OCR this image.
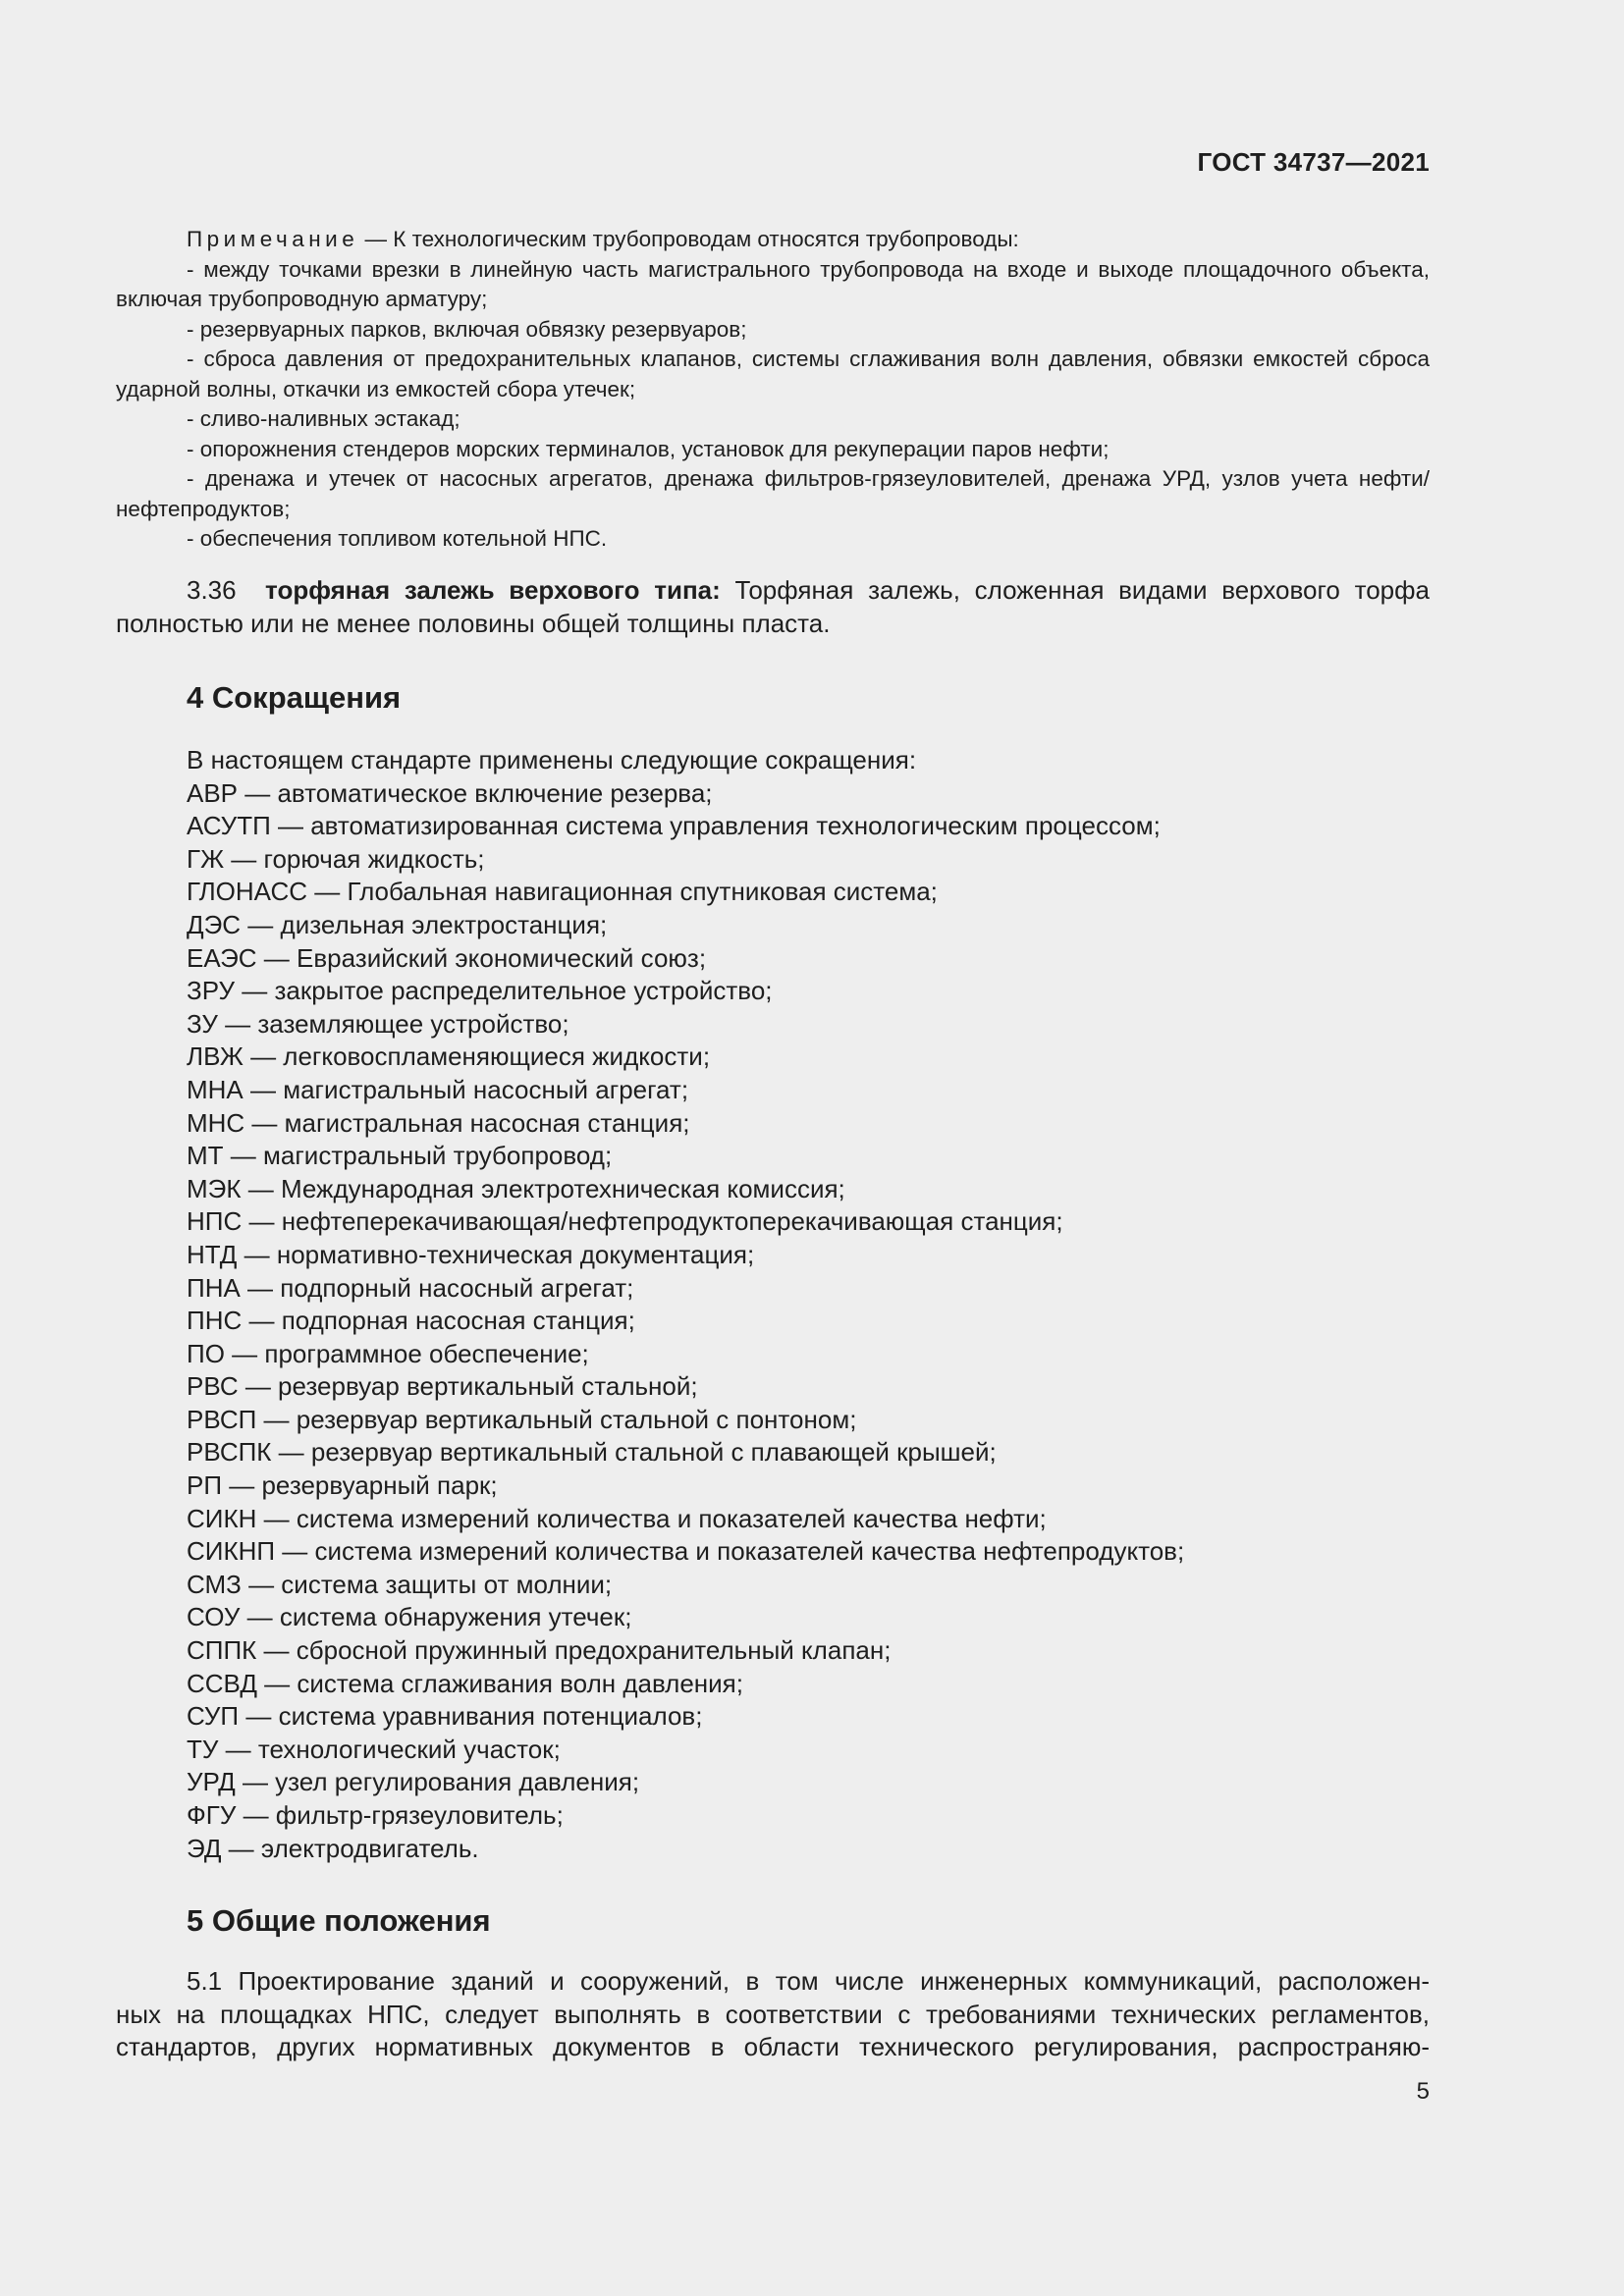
ГОСТ 34737—2021

Примечание — К технологическим трубопроводам относятся трубопроводы:

- между точками врезки в линейную часть магистрального трубопровода на входе и выходе площадочного объекта, включая трубопроводную арматуру;

- резервуарных парков, включая обвязку резервуаров;

- сброса давления от предохранительных клапанов, системы сглаживания волн давления, обвязки емкостей сброса ударной волны, откачки из емкостей сбора утечек;

- сливо-наливных эстакад;

- опорожнения стендеров морских терминалов, установок для рекуперации паров нефти;

- дренажа и утечек от насосных агрегатов, дренажа фильтров-грязеуловителей, дренажа УРД, узлов учета нефти/нефтепродуктов;

- обеспечения топливом котельной НПС.

3.36 торфяная залежь верхового типа: Торфяная залежь, сложенная видами верхового торфа полностью или не менее половины общей толщины пласта.

4 Сокращения
В настоящем стандарте применены следующие сокращения:
АВР — автоматическое включение резерва;
АСУТП — автоматизированная система управления технологическим процессом;
ГЖ — горючая жидкость;
ГЛОНАСС — Глобальная навигационная спутниковая система;
ДЭС — дизельная электростанция;
ЕАЭС — Евразийский экономический союз;
ЗРУ — закрытое распределительное устройство;
ЗУ — заземляющее устройство;
ЛВЖ — легковоспламеняющиеся жидкости;
МНА — магистральный насосный агрегат;
МНС — магистральная насосная станция;
МТ — магистральный трубопровод;
МЭК — Международная электротехническая комиссия;
НПС — нефтеперекачивающая/нефтепродуктоперекачивающая станция;
НТД — нормативно-техническая документация;
ПНА — подпорный насосный агрегат;
ПНС — подпорная насосная станция;
ПО — программное обеспечение;
РВС — резервуар вертикальный стальной;
РВСП — резервуар вертикальный стальной с понтоном;
РВСПК — резервуар вертикальный стальной с плавающей крышей;
РП — резервуарный парк;
СИКН — система измерений количества и показателей качества нефти;
СИКНП — система измерений количества и показателей качества нефтепродуктов;
СМЗ — система защиты от молнии;
СОУ — система обнаружения утечек;
СППК — сбросной пружинный предохранительный клапан;
ССВД — система сглаживания волн давления;
СУП — система уравнивания потенциалов;
ТУ — технологический участок;
УРД — узел регулирования давления;
ФГУ — фильтр-грязеуловитель;
ЭД — электродвигатель.
5 Общие положения
5.1 Проектирование зданий и сооружений, в том числе инженерных коммуникаций, расположен-
ных на площадках НПС, следует выполнять в соответствии с требованиями технических регламентов,
стандартов, других нормативных документов в области технического регулирования, распространяю-
5
